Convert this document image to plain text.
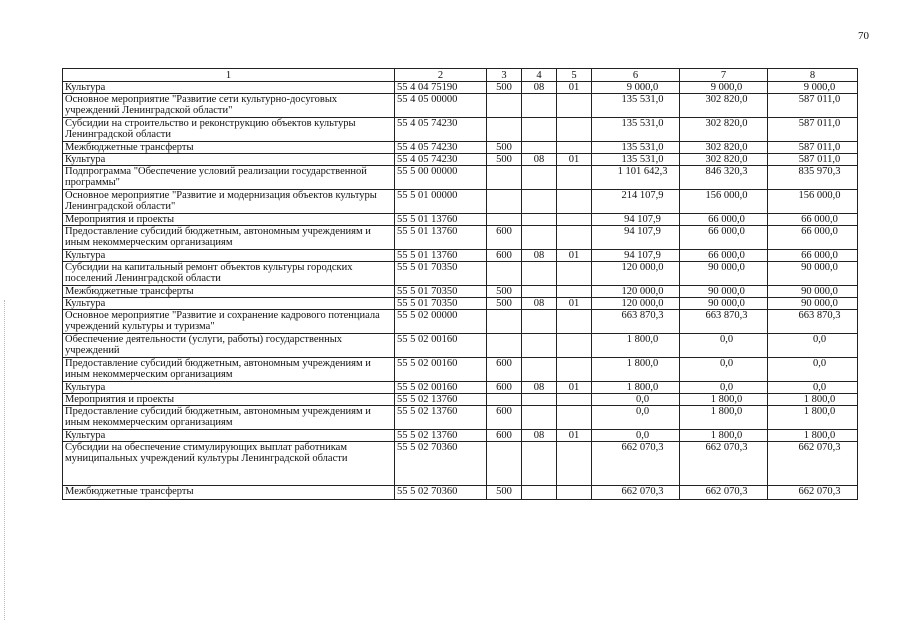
70
1	2	3	4	5	6	7	8
Культура	55 4 04 75190	500	08	01	9 000,0	9 000,0	9 000,0
Основное мероприятие "Развитие сети культурно-досуговых учреждений Ленинградской области"	55 4 05 00000				135 531,0	302 820,0	587 011,0
Субсидии на строительство и реконструкцию объектов культуры Ленинградской области	55 4 05 74230				135 531,0	302 820,0	587 011,0
Межбюджетные трансферты	55 4 05 74230	500			135 531,0	302 820,0	587 011,0
Культура	55 4 05 74230	500	08	01	135 531,0	302 820,0	587 011,0
Подпрограмма "Обеспечение условий реализации государственной программы"	55 5 00 00000				1 101 642,3	846 320,3	835 970,3
Основное мероприятие "Развитие и модернизация объектов культуры Ленинградской области"	55 5 01 00000				214 107,9	156 000,0	156 000,0
Мероприятия и проекты	55 5 01 13760				94 107,9	66 000,0	66 000,0
Предоставление субсидий бюджетным, автономным учреждениям и иным некоммерческим организациям	55 5 01 13760	600			94 107,9	66 000,0	66 000,0
Культура	55 5 01 13760	600	08	01	94 107,9	66 000,0	66 000,0
Субсидии на капитальный ремонт объектов культуры городских поселений Ленинградской области	55 5 01 70350				120 000,0	90 000,0	90 000,0
Межбюджетные трансферты	55 5 01 70350	500			120 000,0	90 000,0	90 000,0
Культура	55 5 01 70350	500	08	01	120 000,0	90 000,0	90 000,0
Основное мероприятие "Развитие и сохранение кадрового потенциала учреждений культуры и туризма"	55 5 02 00000				663 870,3	663 870,3	663 870,3
Обеспечение деятельности (услуги, работы) государственных учреждений	55 5 02 00160				1 800,0	0,0	0,0
Предоставление субсидий бюджетным, автономным учреждениям и иным некоммерческим организациям	55 5 02 00160	600			1 800,0	0,0	0,0
Культура	55 5 02 00160	600	08	01	1 800,0	0,0	0,0
Мероприятия и проекты	55 5 02 13760				0,0	1 800,0	1 800,0
Предоставление субсидий бюджетным, автономным учреждениям и иным некоммерческим организациям	55 5 02 13760	600			0,0	1 800,0	1 800,0
Культура	55 5 02 13760	600	08	01	0,0	1 800,0	1 800,0
Субсидии на обеспечение стимулирующих выплат работникам муниципальных учреждений культуры Ленинградской области	55 5 02 70360				662 070,3	662 070,3	662 070,3
Межбюджетные трансферты	55 5 02 70360	500			662 070,3	662 070,3	662 070,3
